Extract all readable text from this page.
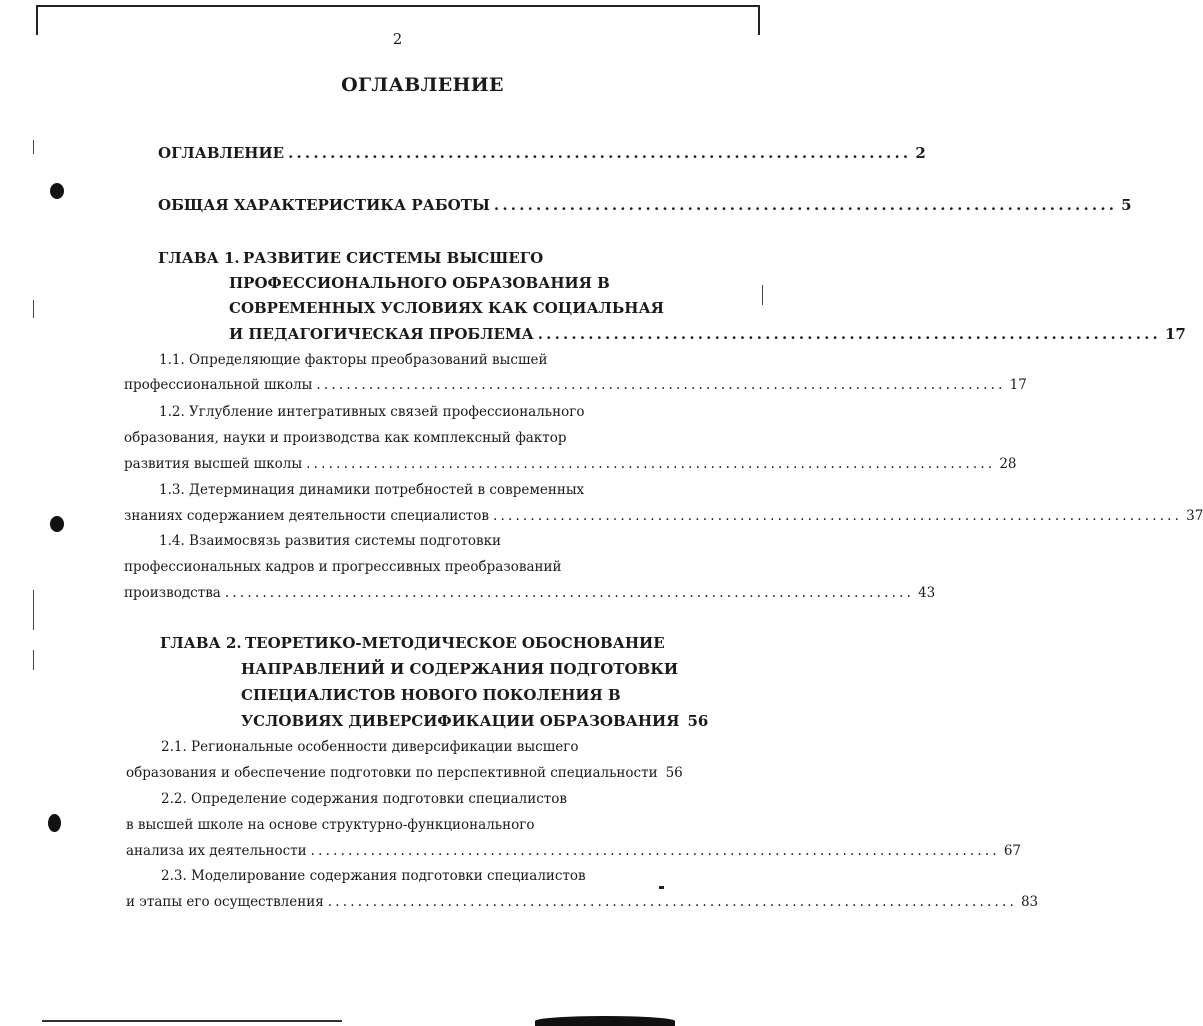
2
ОГЛАВЛЕНИЕ
ОГЛАВЛЕНИЕ .......................................................................... 2
ОБЩАЯ ХАРАКТЕРИСТИКА РАБОТЫ .......................................................................... 5
ГЛАВА 1. РАЗВИТИЕ СИСТЕМЫ ВЫСШЕГО
ПРОФЕССИОНАЛЬНОГО ОБРАЗОВАНИЯ В
СОВРЕМЕННЫХ УСЛОВИЯХ КАК СОЦИАЛЬНАЯ
И ПЕДАГОГИЧЕСКАЯ ПРОБЛЕМА .......................................................................... 17
1.1. Определяющие факторы преобразований высшей
профессиональной школы ............................................................................................ 17
1.2. Углубление интегративных связей профессионального
образования, науки и производства как комплексный фактор
развития высшей школы ............................................................................................ 28
1.3. Детерминация динамики потребностей в современных
знаниях содержанием деятельности специалистов ............................................................................................ 37
1.4. Взаимосвязь развития системы подготовки
профессиональных кадров и прогрессивных преобразований
производства ............................................................................................ 43
ГЛАВА 2. ТЕОРЕТИКО-МЕТОДИЧЕСКОЕ ОБОСНОВАНИЕ
НАПРАВЛЕНИЙ И СОДЕРЖАНИЯ ПОДГОТОВКИ
СПЕЦИАЛИСТОВ НОВОГО ПОКОЛЕНИЯ В
УСЛОВИЯХ ДИВЕРСИФИКАЦИИ ОБРАЗОВАНИЯ 56
2.1. Региональные особенности диверсификации высшего
образования и обеспечение подготовки по перспективной специальности 56
2.2. Определение содержания подготовки специалистов
в высшей школе на основе структурно-функционального
анализа их деятельности ............................................................................................ 67
2.3. Моделирование содержания подготовки специалистов
и этапы его осуществления ............................................................................................ 83
